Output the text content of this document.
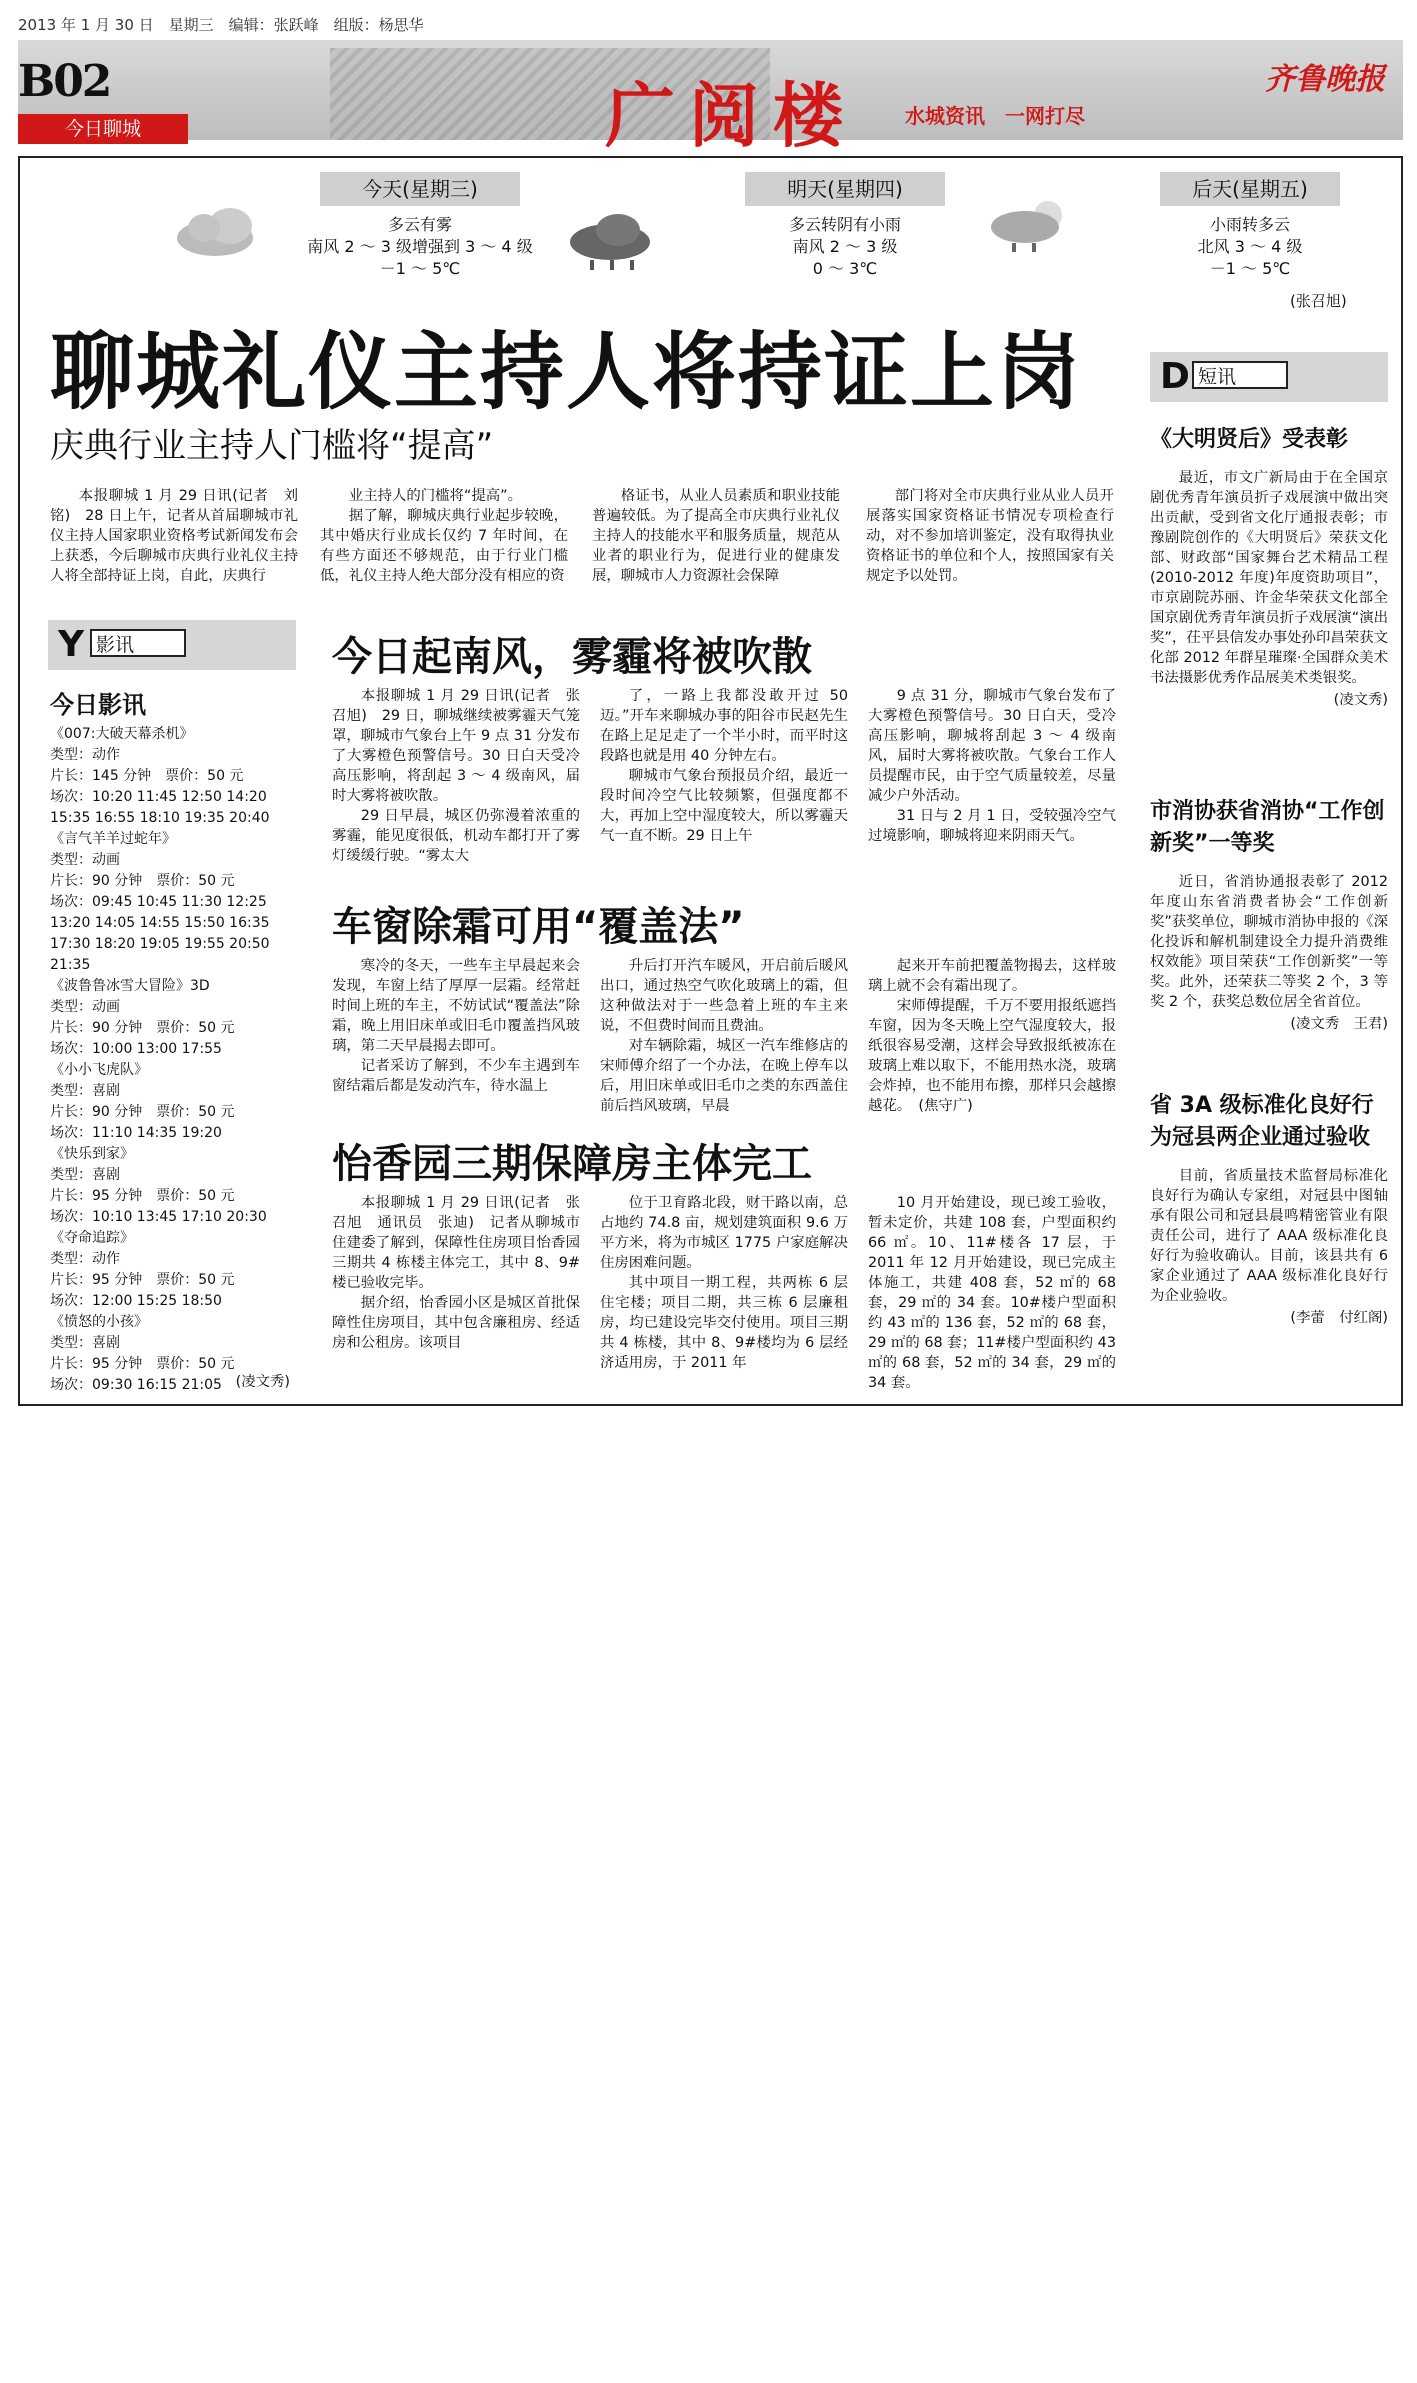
2013 年 1 月 30 日　星期三　编辑：张跃峰　组版：杨思华
B02
今日聊城	广阅楼 水城资讯　一网打尽
齐鲁晚报
今天(星期三)
多云有雾
南风 2 ～ 3 级增强到 3 ～ 4 级
－1 ～ 5℃
明天(星期四)
多云转阴有小雨
南风 2 ～ 3 级
0 ～ 3℃
后天(星期五)
小雨转多云
北风 3 ～ 4 级
－1 ～ 5℃
(张召旭)
聊城礼仪主持人将持证上岗
庆典行业主持人门槛将“提高”

本报聊城 1 月 29 日讯(记者　刘铭)　28 日上午，记者从首届聊城市礼仪主持人国家职业资格考试新闻发布会上获悉，今后聊城市庆典行业礼仪主持人将全部持证上岗，自此，庆典行

业主持人的门槛将“提高”。

据了解，聊城庆典行业起步较晚，其中婚庆行业成长仅约 7 年时间，在有些方面还不够规范，由于行业门槛低，礼仪主持人绝大部分没有相应的资

格证书，从业人员素质和职业技能普遍较低。为了提高全市庆典行业礼仪主持人的技能水平和服务质量，规范从业者的职业行为，促进行业的健康发展，聊城市人力资源社会保障

部门将对全市庆典行业从业人员开展落实国家资格证书情况专项检查行动，对不参加培训鉴定，没有取得执业资格证书的单位和个人，按照国家有关规定予以处罚。

Y 影讯
今日影讯
《007:大破天幕杀机》
类型：动作
片长：145 分钟　票价：50 元
场次：10:20 11:45 12:50 14:20 15:35 16:55 18:10 19:35 20:40
《言气羊羊过蛇年》
类型：动画
片长：90 分钟　票价：50 元
场次：09:45 10:45 11:30 12:25 13:20 14:05 14:55 15:50 16:35 17:30 18:20 19:05 19:55 20:50 21:35
《波鲁鲁冰雪大冒险》3D
类型：动画
片长：90 分钟　票价：50 元
场次：10:00 13:00 17:55
《小小飞虎队》
类型：喜剧
片长：90 分钟　票价：50 元
场次：11:10 14:35 19:20
《快乐到家》
类型：喜剧
片长：95 分钟　票价：50 元
场次：10:10 13:45 17:10 20:30
《夺命追踪》
类型：动作
片长：95 分钟　票价：50 元
场次：12:00 15:25 18:50
《愤怒的小孩》
类型：喜剧
片长：95 分钟　票价：50 元
场次：09:30 16:15 21:05 (凌文秀)
今日起南风，雾霾将被吹散

本报聊城 1 月 29 日讯(记者　张召旭)　29 日，聊城继续被雾霾天气笼罩，聊城市气象台上午 9 点 31 分发布了大雾橙色预警信号。30 日白天受冷高压影响，将刮起 3 ～ 4 级南风，届时大雾将被吹散。

29 日早晨，城区仍弥漫着浓重的雾霾，能见度很低，机动车都打开了雾灯缓缓行驶。“雾太大

了，一路上我都没敢开过 50 迈。”开车来聊城办事的阳谷市民赵先生在路上足足走了一个半小时，而平时这段路也就是用 40 分钟左右。

聊城市气象台预报员介绍，最近一段时间冷空气比较频繁，但强度都不大，再加上空中湿度较大，所以雾霾天气一直不断。29 日上午

9 点 31 分，聊城市气象台发布了大雾橙色预警信号。30 日白天，受冷高压影响，聊城将刮起 3 ～ 4 级南风，届时大雾将被吹散。气象台工作人员提醒市民，由于空气质量较差，尽量减少户外活动。

31 日与 2 月 1 日，受较强冷空气过境影响，聊城将迎来阴雨天气。

车窗除霜可用“覆盖法”

寒冷的冬天，一些车主早晨起来会发现，车窗上结了厚厚一层霜。经常赶时间上班的车主，不妨试试“覆盖法”除霜，晚上用旧床单或旧毛巾覆盖挡风玻璃，第二天早晨揭去即可。

记者采访了解到，不少车主遇到车窗结霜后都是发动汽车，待水温上

升后打开汽车暖风，开启前后暖风出口，通过热空气吹化玻璃上的霜，但这种做法对于一些急着上班的车主来说，不但费时间而且费油。

对车辆除霜，城区一汽车维修店的宋师傅介绍了一个办法，在晚上停车以后，用旧床单或旧毛巾之类的东西盖住前后挡风玻璃，早晨

起来开车前把覆盖物揭去，这样玻璃上就不会有霜出现了。

宋师傅提醒，千万不要用报纸遮挡车窗，因为冬天晚上空气湿度较大，报纸很容易受潮，这样会导致报纸被冻在玻璃上难以取下，不能用热水浇，玻璃会炸掉，也不能用布擦，那样只会越擦越花。　(焦守广)

怡香园三期保障房主体完工

本报聊城 1 月 29 日讯(记者　张召旭　通讯员　张迪)　记者从聊城市住建委了解到，保障性住房项目怡香园三期共 4 栋楼主体完工，其中 8、9#楼已验收完毕。

据介绍，怡香园小区是城区首批保障性住房项目，其中包含廉租房、经适房和公租房。该项目

位于卫育路北段，财干路以南，总占地约 74.8 亩，规划建筑面积 9.6 万平方米，将为市城区 1775 户家庭解决住房困难问题。

其中项目一期工程，共两栋 6 层住宅楼；项目二期，共三栋 6 层廉租房，均已建设完毕交付使用。项目三期共 4 栋楼，其中 8、9#楼均为 6 层经济适用房，于 2011 年

10 月开始建设，现已竣工验收，暂未定价，共建 108 套，户型面积约 66 ㎡。10、11#楼各 17 层，于 2011 年 12 月开始建设，现已完成主体施工，共建 408 套，52 ㎡的 68 套，29 ㎡的 34 套。10#楼户型面积约 43 ㎡的 136 套，52 ㎡的 68 套，29 ㎡的 68 套；11#楼户型面积约 43 ㎡的 68 套，52 ㎡的 34 套，29 ㎡的 34 套。

D 短讯
《大明贤后》受表彰

最近，市文广新局由于在全国京剧优秀青年演员折子戏展演中做出突出贡献，受到省文化厅通报表彰；市豫剧院创作的《大明贤后》荣获文化部、财政部“国家舞台艺术精品工程(2010-2012 年度)年度资助项目”，市京剧院苏丽、许金华荣获文化部全国京剧优秀青年演员折子戏展演“演出奖”，茌平县信发办事处孙印昌荣获文化部 2012 年群星璀璨·全国群众美术书法摄影优秀作品展美术类银奖。

(凌文秀)
市消协获省消协“工作创新奖”一等奖

近日，省消协通报表彰了 2012 年度山东省消费者协会“工作创新奖”获奖单位，聊城市消协申报的《深化投诉和解机制建设全力提升消费维权效能》项目荣获“工作创新奖”一等奖。此外，还荣获二等奖 2 个，3 等奖 2 个，获奖总数位居全省首位。

(凌文秀　王君)
省 3A 级标准化良好行为冠县两企业通过验收

目前，省质量技术监督局标准化良好行为确认专家组，对冠县中图轴承有限公司和冠县晨鸣精密管业有限责任公司，进行了 AAA 级标准化良好行为验收确认。目前，该县共有 6 家企业通过了 AAA 级标准化良好行为企业验收。

(李蕾　付红阁)
